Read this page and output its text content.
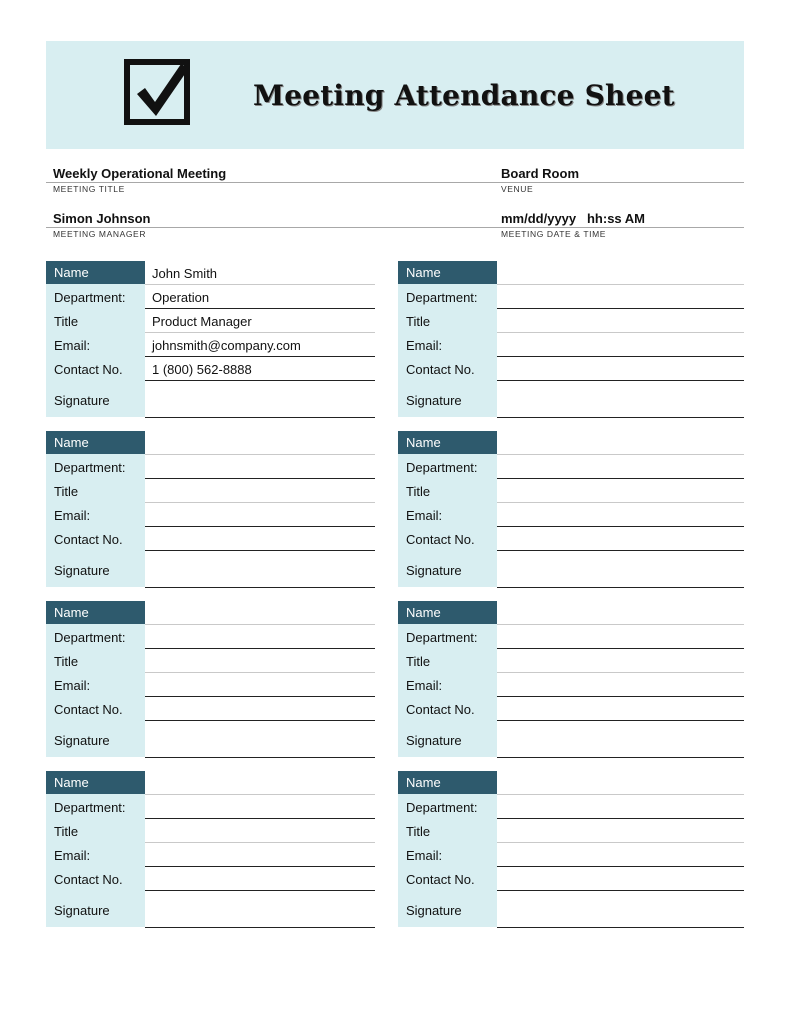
Meeting Attendance Sheet
Weekly Operational Meeting
MEETING TITLE
Board Room
VENUE
Simon Johnson
MEETING MANAGER
mm/dd/yyyy   hh:ss AM
MEETING DATE & TIME
Name	John Smith
Department: Operation
Title	Product Manager
Email:	johnsmith@company.com
Contact No. 1 (800) 562-8888
Signature
Name
Department:
Title
Email:
Contact No.
Signature
Name
Department:
Title
Email:
Contact No.
Signature
Name
Department:
Title
Email:
Contact No.
Signature
Name
Department:
Title
Email:
Contact No.
Signature
Name
Department:
Title
Email:
Contact No.
Signature
Name
Department:
Title
Email:
Contact No.
Signature
Name
Department:
Title
Email:
Contact No.
Signature
